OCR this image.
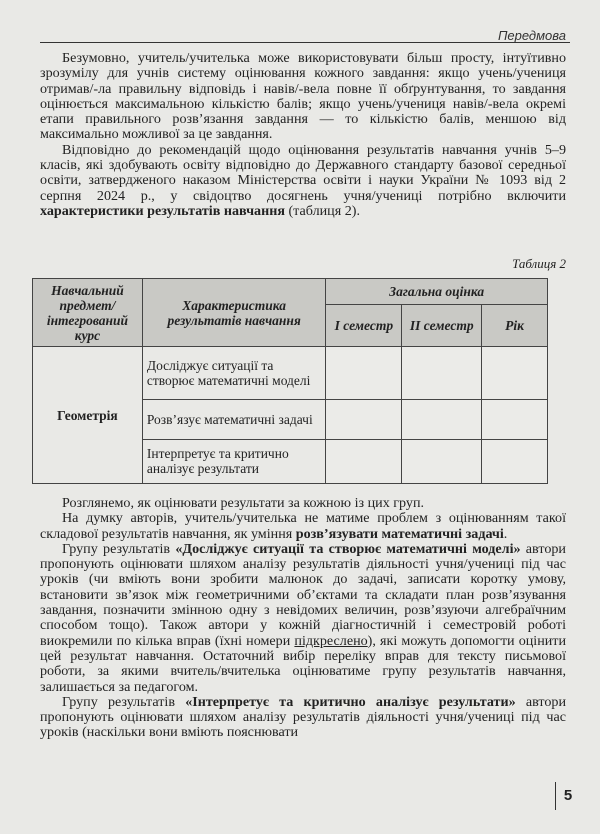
Передмова

Безумовно, учитель/учителька може використовувати більш просту, інтуїтивно зрозумілу для учнів систему оцінювання кожного завдання: якщо учень/учениця отримав/-ла правильну відповідь і навів/-вела повне її обґрунтування, то завдання оцінюється максимальною кількістю балів; якщо учень/учениця навів/-вела окремі етапи правильного розв’язання завдання — то кількістю балів, меншою від максимально можливої за це завдання.

Відповідно до рекомендацій щодо оцінювання результатів навчання учнів 5–9 класів, які здобувають освіту відповідно до Державного стандарту базової середньої освіти, затвердженого наказом Міністерства освіти і науки України № 1093 від 2 серпня 2024 р., у свідоцтво досягнень учня/учениці потрібно включити характеристики результатів навчання (таблиця 2).

Таблиця 2
Навчальний предмет/ інтегрований курс	Характеристика результатів навчання	Загальна оцінка		
		I семестр	II семестр	Рік
Геометрія	Досліджує ситуації та створює математичні моделі			
	Розв’язує математичні задачі			
	Інтерпретує та критично аналізує результати			

Розглянемо, як оцінювати результати за кожною із цих груп.

На думку авторів, учитель/учителька не матиме проблем з оцінюванням такої складової результатів навчання, як уміння розв’язувати математичні задачі.

Групу результатів «Досліджує ситуації та створює математичні моделі» автори пропонують оцінювати шляхом аналізу результатів діяльності учня/учениці під час уроків (чи вміють вони зробити малюнок до задачі, записати коротку умову, встановити зв’язок між геометричними об’єктами та складати план розв’язування завдання, позначити змінною одну з невідомих величин, розв’язуючи алгебраїчним способом тощо). Також автори у кожній діагностичній і семестровій роботі виокремили по кілька вправ (їхні номери підкреслено), які можуть допомогти оцінити цей результат навчання. Остаточний вибір переліку вправ для тексту письмової роботи, за якими вчитель/вчителька оцінюватиме групу результатів навчання, залишається за педагогом.

Групу результатів «Інтерпретує та критично аналізує результати» автори пропонують оцінювати шляхом аналізу результатів діяльності учня/учениці під час уроків (наскільки вони вміють пояснювати

5
